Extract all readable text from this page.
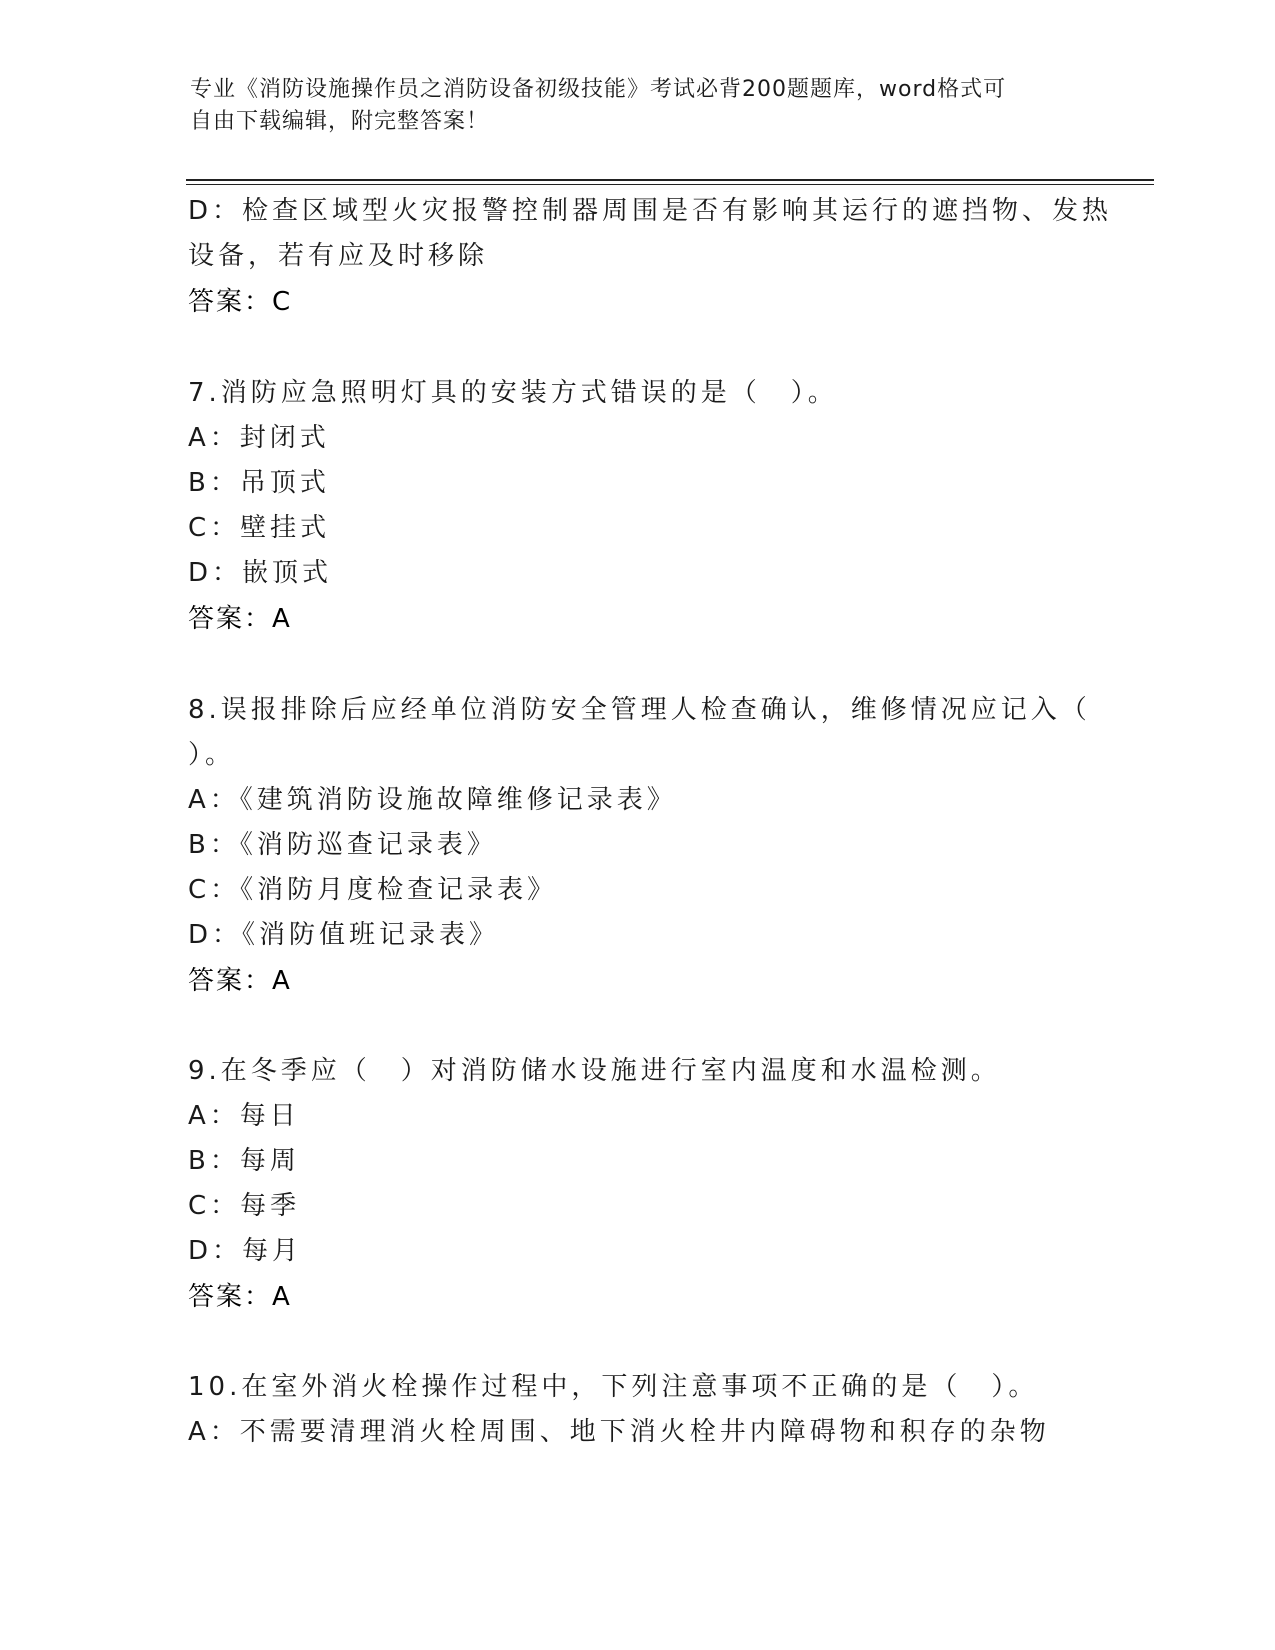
专业《消防设施操作员之消防设备初级技能》考试必背200题题库，word格式可
自由下载编辑，附完整答案！
D：检查区域型火灾报警控制器周围是否有影响其运行的遮挡物、发热
设备，若有应及时移除
答案：C
7.消防应急照明灯具的安装方式错误的是（　）。
A：封闭式
B：吊顶式
C：壁挂式
D：嵌顶式
答案：A
8.误报排除后应经单位消防安全管理人检查确认，维修情况应记入（
）。
A：《建筑消防设施故障维修记录表》
B：《消防巡查记录表》
C：《消防月度检查记录表》
D：《消防值班记录表》
答案：A
9.在冬季应（　）对消防储水设施进行室内温度和水温检测。
A：每日
B：每周
C：每季
D：每月
答案：A
10.在室外消火栓操作过程中，下列注意事项不正确的是（　）。
A：不需要清理消火栓周围、地下消火栓井内障碍物和积存的杂物
